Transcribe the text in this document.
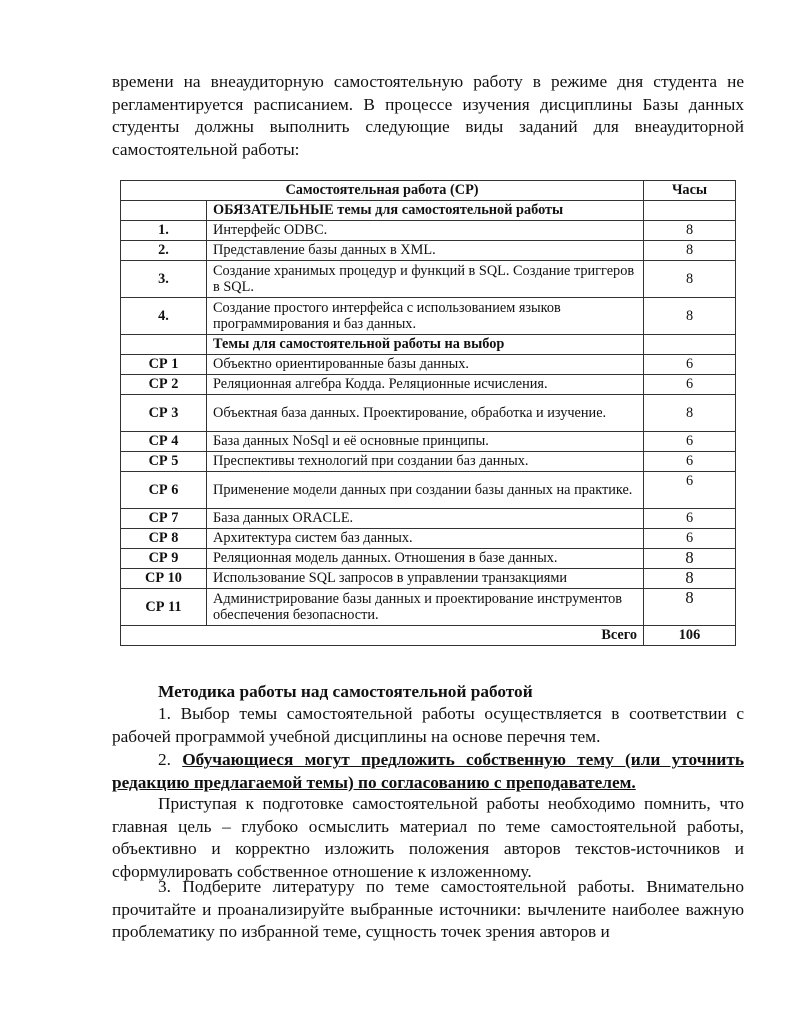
времени на внеаудиторную самостоятельную работу в режиме дня студента не регламентируется расписанием. В процессе изучения дисциплины Базы данных студенты должны выполнить следующие виды заданий для внеаудиторной самостоятельной работы:

Самостоятельная работа (СР)		Часы
	ОБЯЗАТЕЛЬНЫЕ темы для самостоятельной работы	
1.	Интерфейс ODBC.	8
2.	Представление базы данных в XML.	8
3.	Создание хранимых процедур и функций в SQL. Создание триггеров в SQL.	8
4.	Создание простого интерфейса с использованием языков программирования и баз данных.	8
	Темы для самостоятельной работы на выбор	
СР 1	Объектно ориентированные базы данных.	6
СР 2	Реляционная алгебра Кодда. Реляционные исчисления.	6
СР 3	Объектная база данных. Проектирование, обработка и изучение.	8
СР 4	База данных NoSql и её основные принципы.	6
СР 5	Преспективы технологий при создании баз данных.	6
СР 6	Применение модели данных при создании базы данных на практике.	6
СР 7	База данных ORACLE.	6
СР 8	Архитектура систем баз данных.	6
СР 9	Реляционная модель данных. Отношения в базе данных.	8
СР 10	Использование SQL запросов в управлении транзакциями	8
СР 11	Администрирование базы данных и проектирование инструментов обеспечения безопасности.	8
Всего		106

Методика работы над самостоятельной работой

1. Выбор темы самостоятельной работы осуществляется в соответствии с рабочей программой учебной дисциплины на основе перечня тем.

2. Обучающиеся могут предложить собственную тему (или уточнить редакцию предлагаемой темы) по согласованию с преподавателем.

Приступая к подготовке самостоятельной работы необходимо помнить, что главная цель – глубоко осмыслить материал по теме самостоятельной работы, объективно и корректно изложить положения авторов текстов-источников и сформулировать собственное отношение к изложенному.

3. Подберите литературу по теме самостоятельной работы. Внимательно прочитайте и проанализируйте выбранные источники: вычлените наиболее важную проблематику по избранной теме, сущность точек зрения авторов и
